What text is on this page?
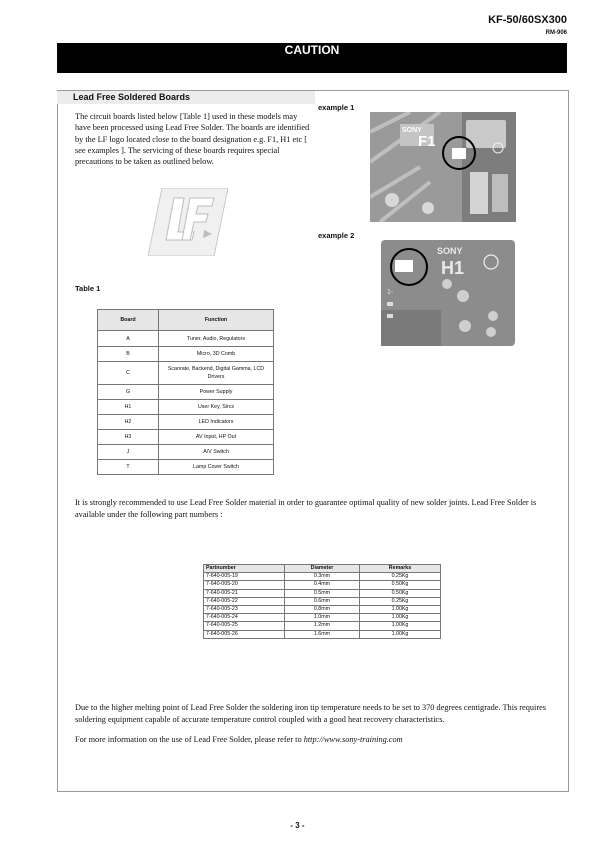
KF-50/60SX300
RM-906
CAUTION
Lead Free Soldered Boards
The circuit boards listed below [Table 1] used in these models may have been processed using Lead Free Solder. The boards are identified by the LF logo located close to the board designation e.g. F1, H1 etc [ see examples ]. The servicing of these boards requires special precautions to be taken as outlined below.
example 1
SONY
F1
example 2
SONY
H1
1-
Table 1
Board	Function
A	Tuner, Audio, Regulators
B	Micro, 3D Comb
C	Scanrate, Backend, Digital Gamma, LCD Drivers
G	Power Supply
H1	User Key, Sircs
H2	LED Indicators
H3	AV Input, HP Out
J	A/V Switch
T	Lamp Cover Switch
It is strongly recommended to use Lead Free Solder material in order to guarantee optimal quality of new solder joints. Lead Free Solder is available under the following part numbers :
Partnumber	Diameter	Remarks
7-640-005-19	0.3mm	0.25Kg
7-640-005-20	0.4mm	0.50Kg
7-640-005-21	0.5mm	0.50Kg
7-640-005-22	0.6mm	0.25Kg
7-640-005-23	0.8mm	1.00Kg
7-640-005-24	1.0mm	1.00Kg
7-640-005-25	1.2mm	1.00Kg
7-640-005-26	1.6mm	1.00Kg
Due to the higher melting point of Lead Free Solder the soldering iron tip temperature needs to be set to 370 degrees centigrade. This requires soldering equipment capable of accurate temperature control coupled with a good heat recovery characteristics.
For more information on the use of Lead Free Solder, please refer to http://www.sony-training.com
- 3 -
